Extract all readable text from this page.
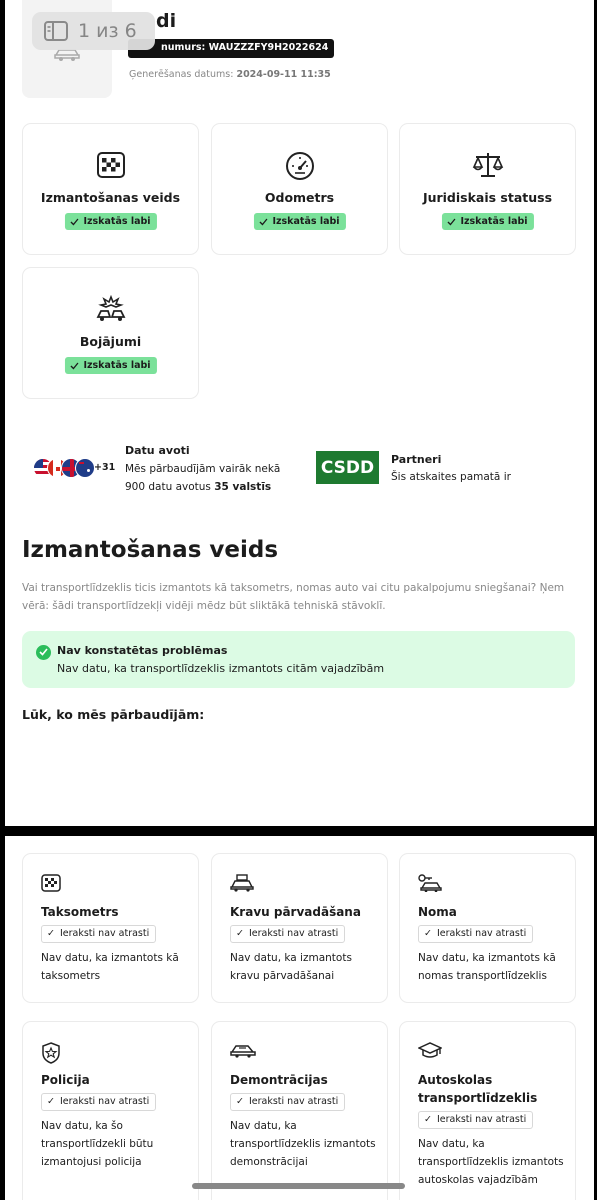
1 из 6 di
numurs: WAUZZZFY9H2022624
Ģenerēšanas datums: 2024-09-11 11:35
Izmantošanas veids
Izskatās labi
Odometrs
Izskatās labi
Juridiskais statuss
Izskatās labi
Bojājumi
Izskatās labi
+31
Datu avoti
Mēs pārbaudījām vairāk nekā 900 datu avotus 35 valstīs
CSDD	Partneri
Šis atskaites pamatā ir
Izmantošanas veids
Vai transportlīdzeklis ticis izmantots kā taksometrs, nomas auto vai citu pakalpojumu sniegšanai? Ņem vērā: šādi transportlīdzekļi vidēji mēdz būt sliktākā tehniskā stāvoklī.
Nav konstatētas problēmas
Nav datu, ka transportlīdzeklis izmantots citām vajadzībām
Lūk, ko mēs pārbaudījām:
Taksometrs
✓ Ieraksti nav atrasti
Nav datu, ka izmantots kā taksometrs
Kravu pārvadāšana
✓ Ieraksti nav atrasti
Nav datu, ka izmantots kravu pārvadāšanai
Noma
✓ Ieraksti nav atrasti
Nav datu, ka izmantots kā nomas transportlīdzeklis
Policija
✓ Ieraksti nav atrasti
Nav datu, ka šo transportlīdzekli būtu izmantojusi policija
Demontrācijas
✓ Ieraksti nav atrasti
Nav datu, ka transportlīdzeklis izmantots demonstrācijai
Autoskolas transportlīdzeklis
✓ Ieraksti nav atrasti
Nav datu, ka transportlīdzeklis izmantots autoskolas vajadzībām
